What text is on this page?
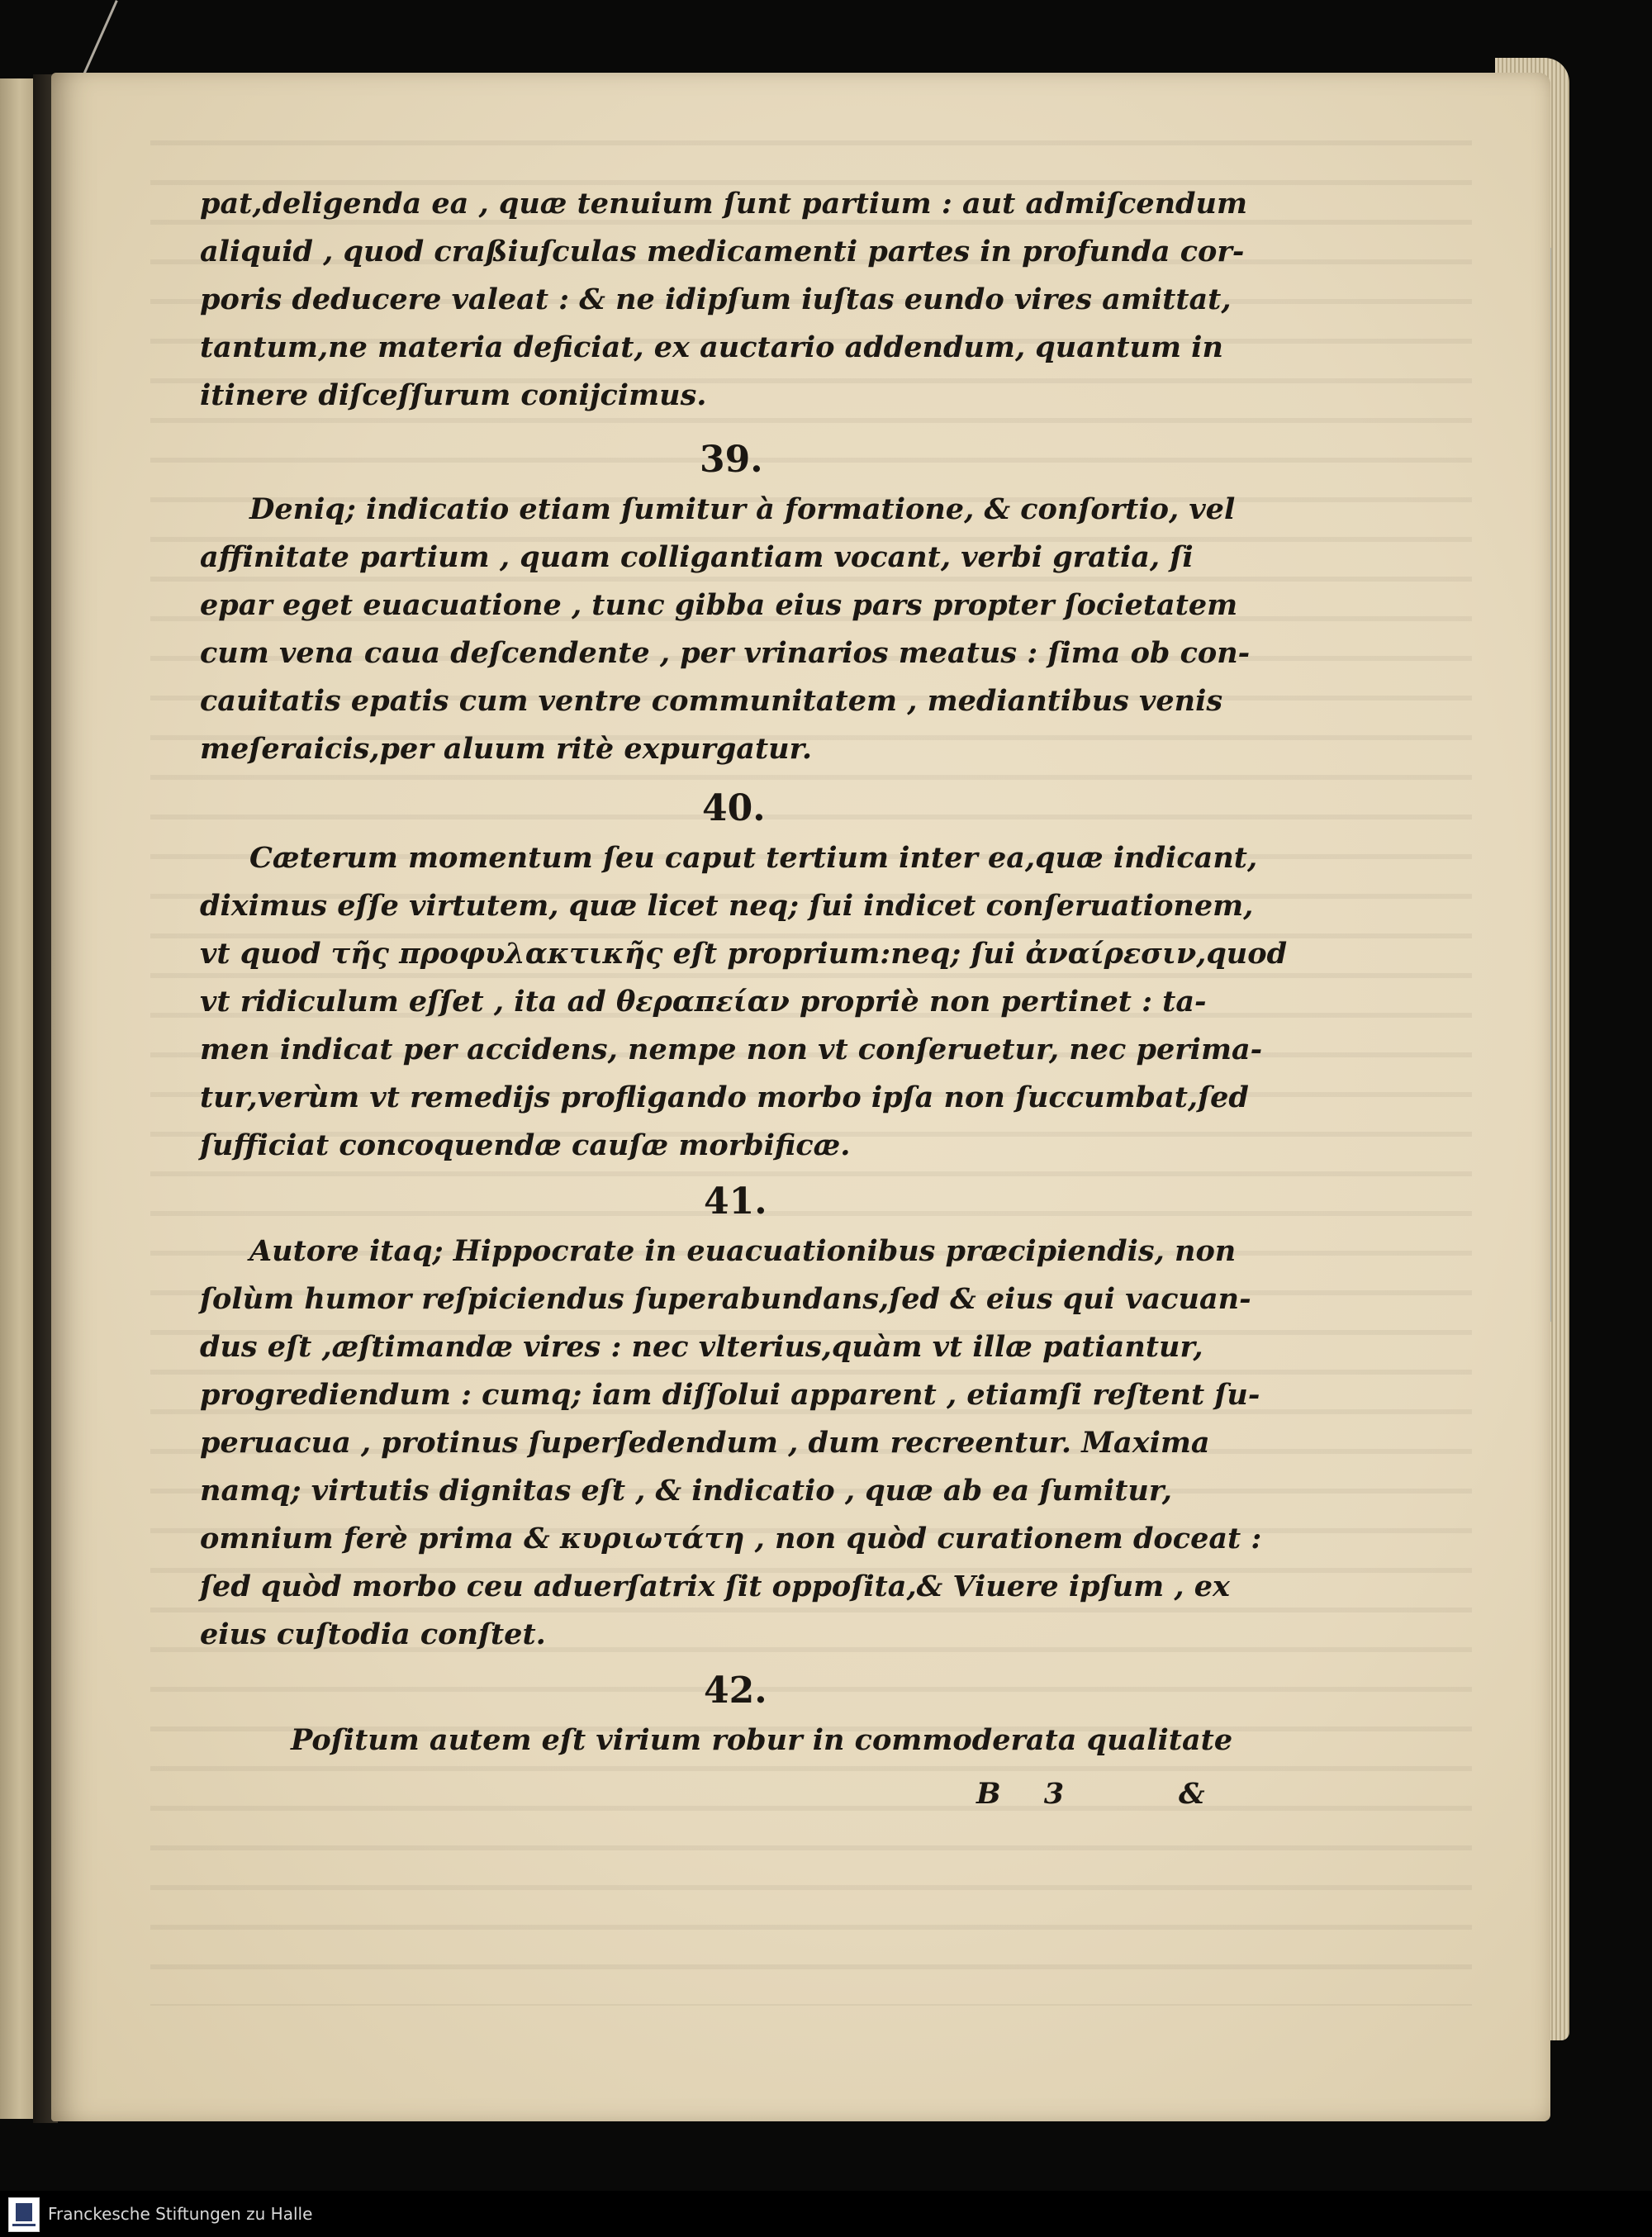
pat,deligenda ea , quæ tenuium ſunt partium : aut admiſcendum
aliquid , quod craßiuſculas medicamenti partes in profunda cor-
poris deducere valeat : & ne idipſum iuſtas eundo vires amittat,
tantum,ne materia deficiat, ex auctario addendum, quantum in
itinere diſceſſurum conijcimus.
39.
Deniq; indicatio etiam ſumitur à formatione, & conſortio, vel
affinitate partium , quam colligantiam vocant, verbi gratia, ſi
epar eget euacuatione , tunc gibba eius pars propter ſocietatem
cum vena caua deſcendente , per vrinarios meatus : ſima ob con-
cauitatis epatis cum ventre communitatem , mediantibus venis
meſeraicis,per aluum ritè expurgatur.
40.
Cæterum momentum ſeu caput tertium inter ea,quæ indicant,
diximus eſſe virtutem, quæ licet neq; ſui indicet conſeruationem,
vt quod τῆς προφυλακτικῆς eſt proprium:neq; ſui ἀναίρεσιν,quod
vt ridiculum eſſet , ita ad θεραπείαν propriè non pertinet : ta-
men indicat per accidens, nempe non vt conſeruetur, nec perima-
tur,verùm vt remedijs profligando morbo ipſa non ſuccumbat,ſed
ſufficiat concoquendæ cauſæ morbificæ.
41.
Autore itaq; Hippocrate in euacuationibus præcipiendis, non
ſolùm humor reſpiciendus ſuperabundans,ſed & eius qui vacuan-
dus eſt ,æſtimandæ vires : nec vlterius,quàm vt illæ patiantur,
progrediendum : cumq; iam diſſolui apparent , etiamſi reſtent ſu-
peruacua , protinus ſuperſedendum , dum recreentur. Maxima
namq; virtutis dignitas eſt , & indicatio , quæ ab ea ſumitur,
omnium ferè prima & κυριωτάτη , non quòd curationem doceat :
ſed quòd morbo ceu aduerſatrix ſit oppoſita,& Viuere ipſum , ex
eius cuſtodia conſtet.
42.
Poſitum autem eſt virium robur in commoderata qualitate
B 3	&
Franckesche Stiftungen zu Halle
